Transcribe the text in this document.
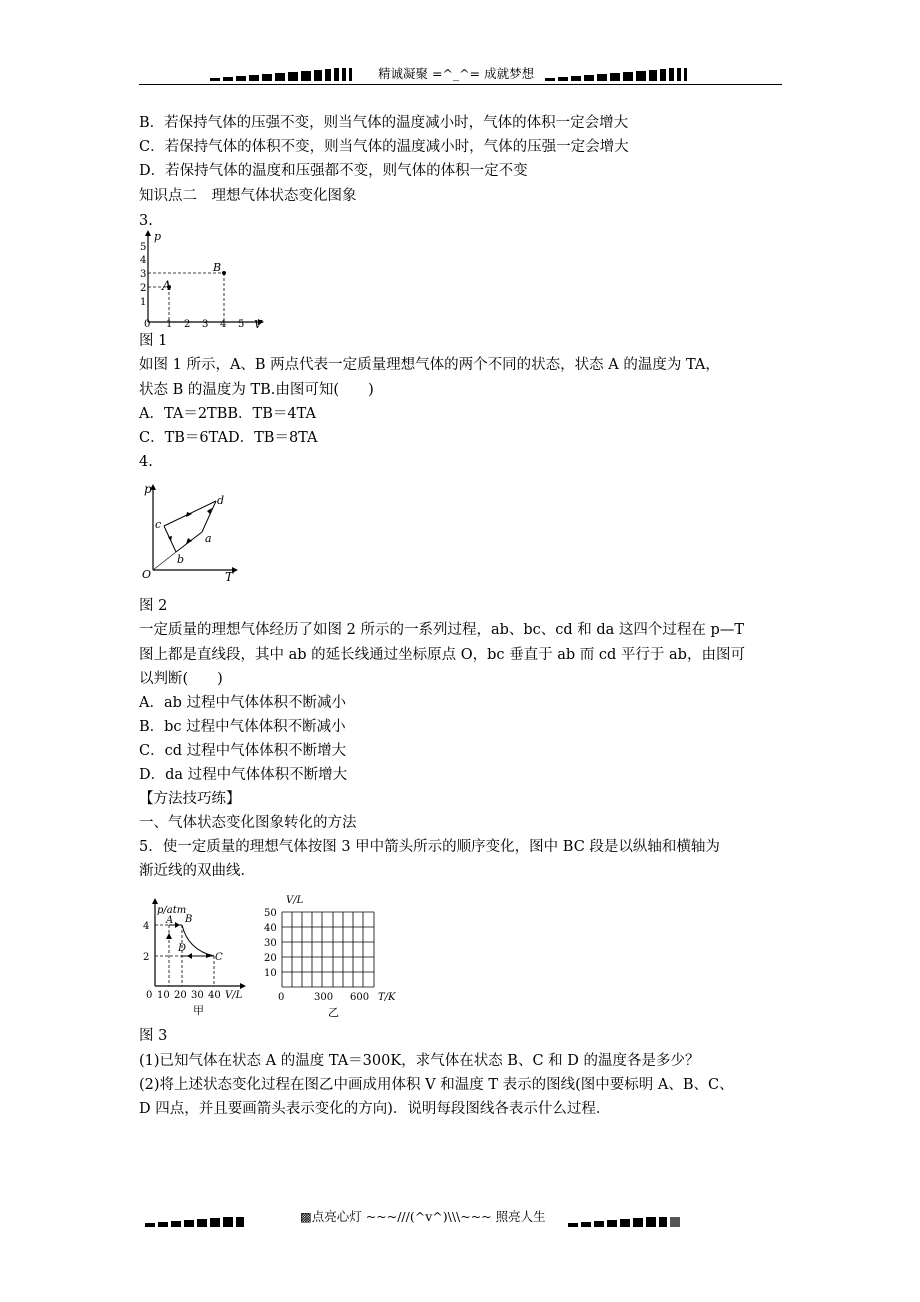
精诚凝聚 =^_^= 成就梦想
B．若保持气体的压强不变，则当气体的温度减小时，气体的体积一定会增大
C．若保持气体的体积不变，则当气体的温度减小时，气体的压强一定会增大
D．若保持气体的温度和压强都不变，则气体的体积一定不变
知识点二　理想气体状态变化图象
3.
p
V
0
1
2
3
4
5
1 2 3 4 5
A
B
图 1
如图 1 所示，A、B 两点代表一定质量理想气体的两个不同的状态，状态 A 的温度为 TA，
状态 B 的温度为 TB.由图可知(　　)
A．TA＝2TBB．TB＝4TA
C．TB＝6TAD．TB＝8TA
4.
p
T
O
a
b
c
d
图 2
一定质量的理想气体经历了如图 2 所示的一系列过程，ab、bc、cd 和 da 这四个过程在 p—T
图上都是直线段，其中 ab 的延长线通过坐标原点 O，bc 垂直于 ab 而 cd 平行于 ab，由图可
以判断(　　)
A．ab 过程中气体体积不断减小
B．bc 过程中气体体积不断减小
C．cd 过程中气体体积不断增大
D．da 过程中气体体积不断增大
【方法技巧练】
一、气体状态变化图象转化的方法
5．使一定质量的理想气体按图 3 甲中箭头所示的顺序变化，图中 BC 段是以纵轴和横轴为
渐近线的双曲线．
p/atm
V/L
2
4
0 10 20 30 40
A B
C
D
甲
V/L
50
40
30
20
10
0	300 600 T/K
乙
图 3
(1)已知气体在状态 A 的温度 TA＝300K，求气体在状态 B、C 和 D 的温度各是多少？
(2)将上述状态变化过程在图乙中画成用体积 V 和温度 T 表示的图线(图中要标明 A、B、C、
D 四点，并且要画箭头表示变化的方向)．说明每段图线各表示什么过程．
▩点亮心灯 ~~~///(^v^)\\\~~~ 照亮人生
